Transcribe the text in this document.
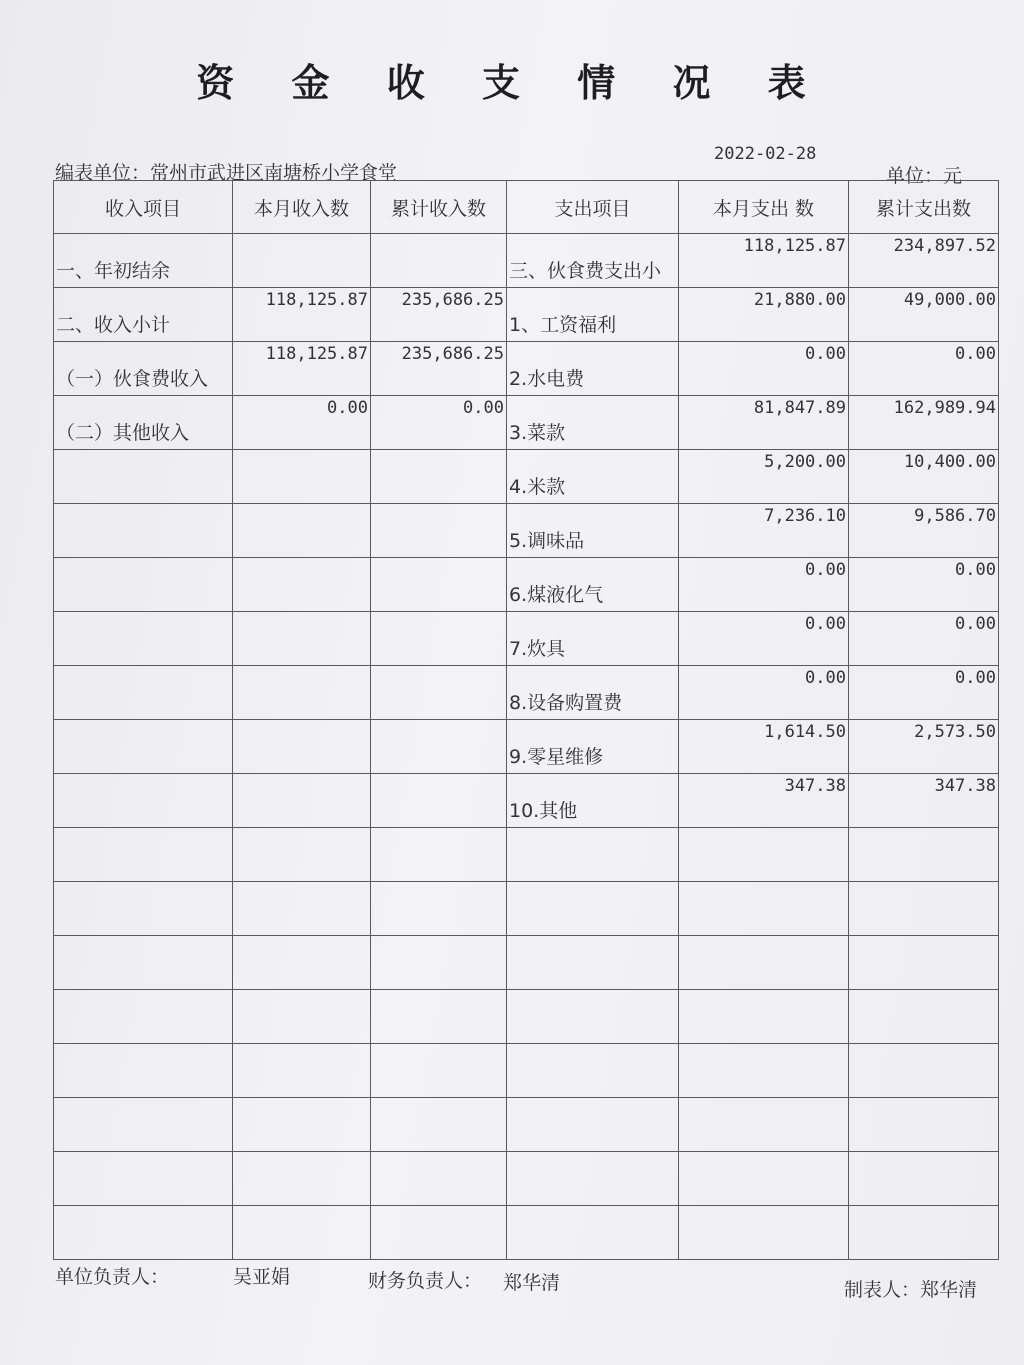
资 金 收 支 情 况 表
编表单位：常州市武进区南塘桥小学食堂
2022-02-28
单位：元
收入项目	本月收入数	累计收入数	支出项目	本月支出 数	累计支出数

一、年初结余			三、伙食费支出小	118,125.87	234,897.52

二、收入小计	118,125.87	235,686.25	1、工资福利	21,880.00	49,000.00

（一）伙食费收入	118,125.87	235,686.25	2.水电费	0.00	0.00

（二）其他收入	0.00	0.00	3.菜款	81,847.89	162,989.94

			4.米款	5,200.00	10,400.00

			5.调味品	7,236.10	9,586.70

			6.煤液化气	0.00	0.00

			7.炊具	0.00	0.00

			8.设备购置费	0.00	0.00

			9.零星维修	1,614.50	2,573.50

			10.其他	347.38	347.38

单位负责人：	吴亚娟	财务负责人： 郑华清	制表人：郑华清
